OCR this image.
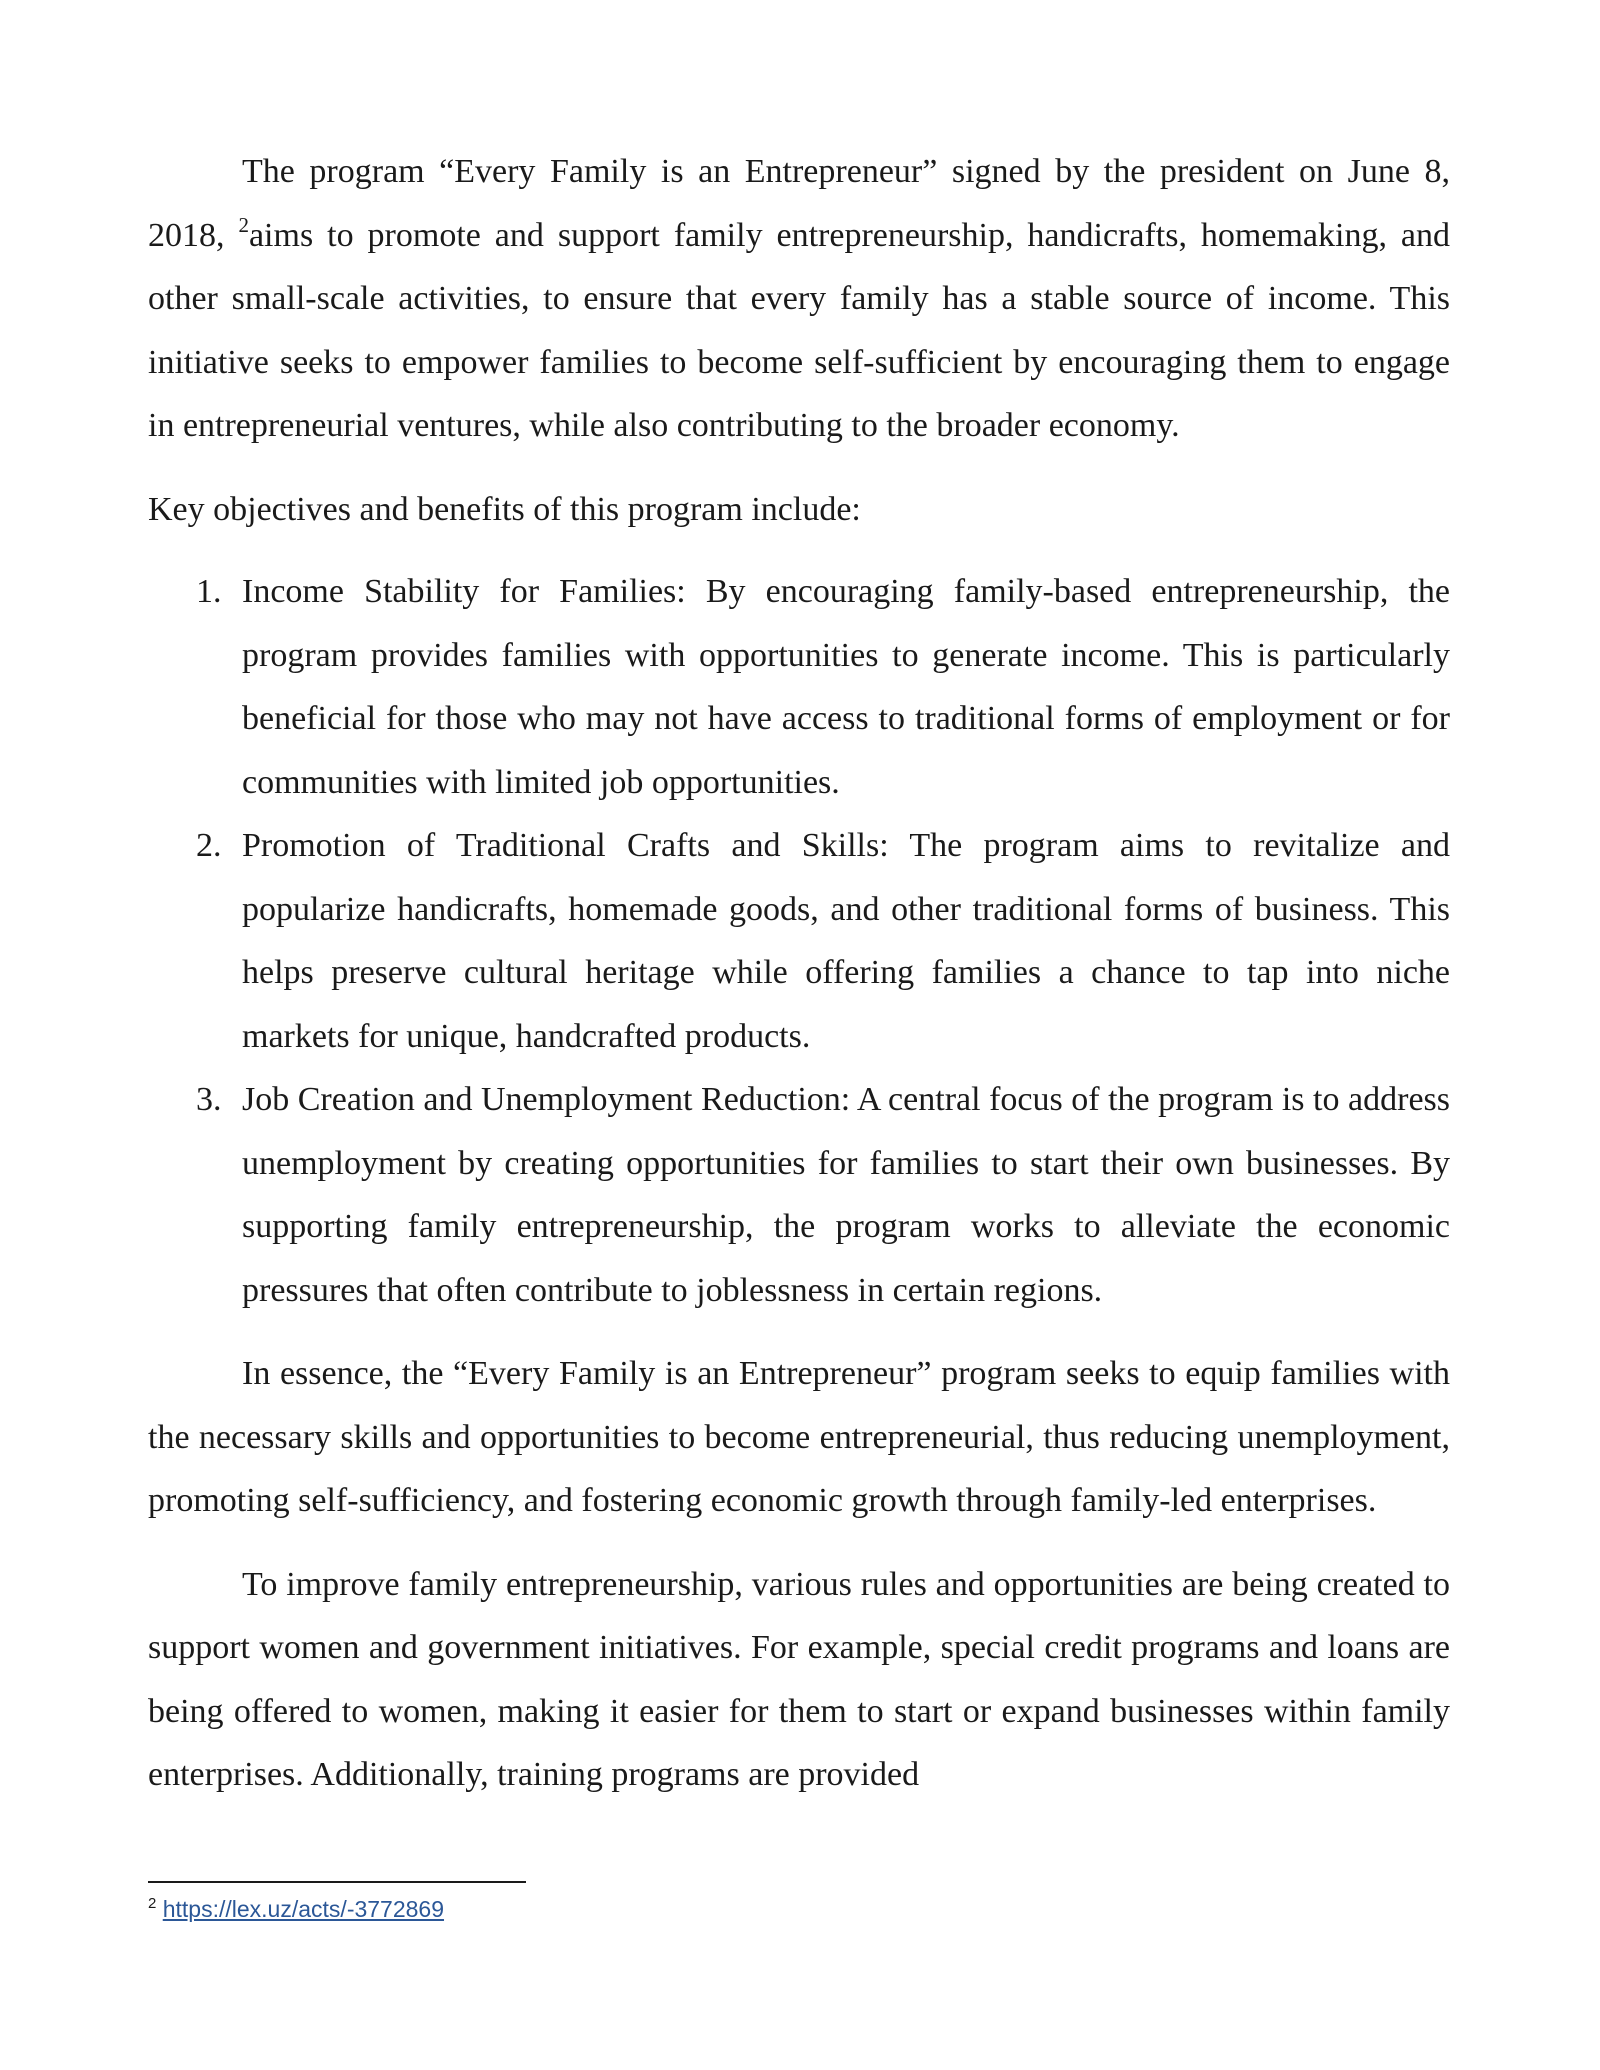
The program “Every Family is an Entrepreneur” signed by the president on June 8, 2018, $^2$aims to promote and support family entrepreneurship, handicrafts, homemaking, and other small-scale activities, to ensure that every family has a stable source of income. This initiative seeks to empower families to become self-sufficient by encouraging them to engage in entrepreneurial ventures, while also contributing to the broader economy.

Key objectives and benefits of this program include:

1. Income Stability for Families: By encouraging family-based entrepreneurship, the program provides families with opportunities to generate income. This is particularly beneficial for those who may not have access to traditional forms of employment or for communities with limited job opportunities.
2. Promotion of Traditional Crafts and Skills: The program aims to revitalize and popularize handicrafts, homemade goods, and other traditional forms of business. This helps preserve cultural heritage while offering families a chance to tap into niche markets for unique, handcrafted products.
3. Job Creation and Unemployment Reduction: A central focus of the program is to address unemployment by creating opportunities for families to start their own businesses. By supporting family entrepreneurship, the program works to alleviate the economic pressures that often contribute to joblessness in certain regions.

In essence, the “Every Family is an Entrepreneur” program seeks to equip families with the necessary skills and opportunities to become entrepreneurial, thus reducing unemployment, promoting self-sufficiency, and fostering economic growth through family-led enterprises.

To improve family entrepreneurship, various rules and opportunities are being created to support women and government initiatives. For example, special credit programs and loans are being offered to women, making it easier for them to start or expand businesses within family enterprises. Additionally, training programs are provided

$^2$ https://lex.uz/acts/-3772869
